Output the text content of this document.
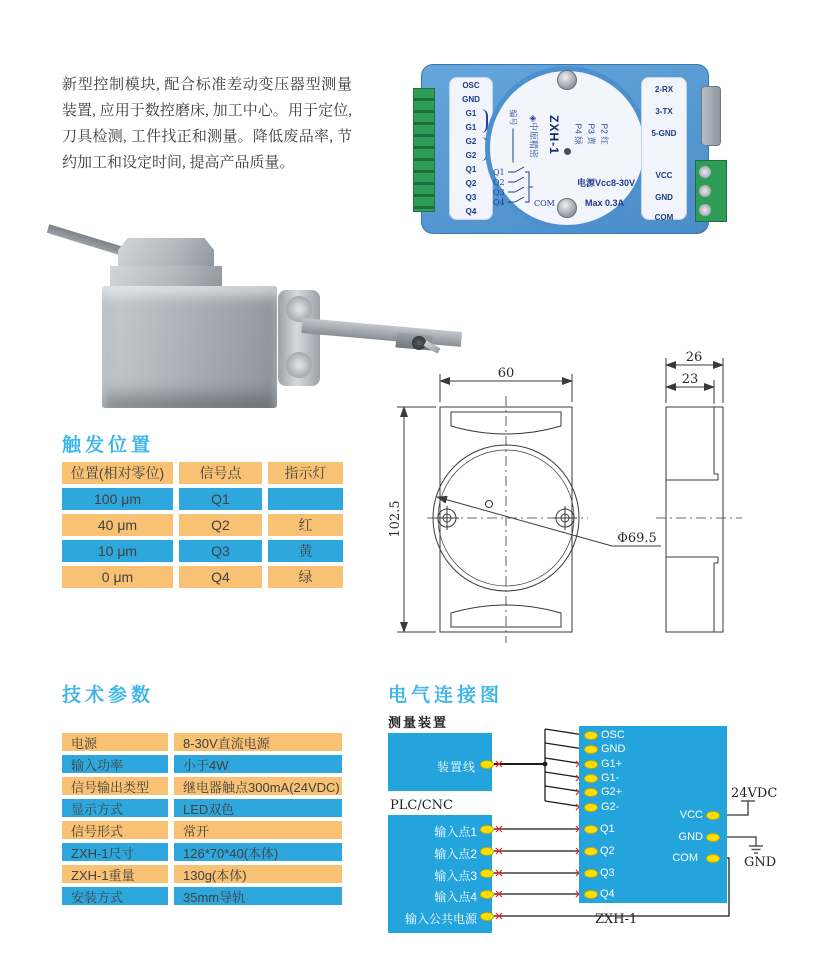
新型控制模块, 配合标准差动变压器型测量装置, 应用于数控磨床, 加工中心。用于定位, 刀具检测, 工件找正和测量。降低废品率, 节约加工和设定时间, 提高产品质量。
OSC
GND
G1
G1
G2
G2
Q1
Q2
Q3
Q4
编号 ◈中原精密 ZXH-1	P2 红
P3 黄
P4 绿
Q1
Q2
Q3
Q4	COM
电源Vcc8-30V
Max 0.3A
2-RX
3-TX
5-GND
VCC
GND
COM
60
102.5
Φ69.5
26
23
触发位置
位置(相对零位)	信号点	指示灯
100 μm	Q1
40 μm	Q2	红
10 μm	Q3	黄
0 μm	Q4	绿
技术参数
电源	8-30V直流电源
输入功率	小于4W
信号输出类型	继电器触点300mA(24VDC)
显示方式	LED双色
信号形式	常开
ZXH-1尺寸	126*70*40(本体)
ZXH-1重量	130g(本体)
安装方式	35mm导轨
电气连接图
24VDC
GND
测量装置
装置线
PLC/CNC
输入点1
输入点2
输入点3
输入点4
输入公共电源
OSC
GND
G1+
G1-
G2+
G2-
Q1
Q2
Q3
Q4
VCC
GND
COM
ZXH-1
